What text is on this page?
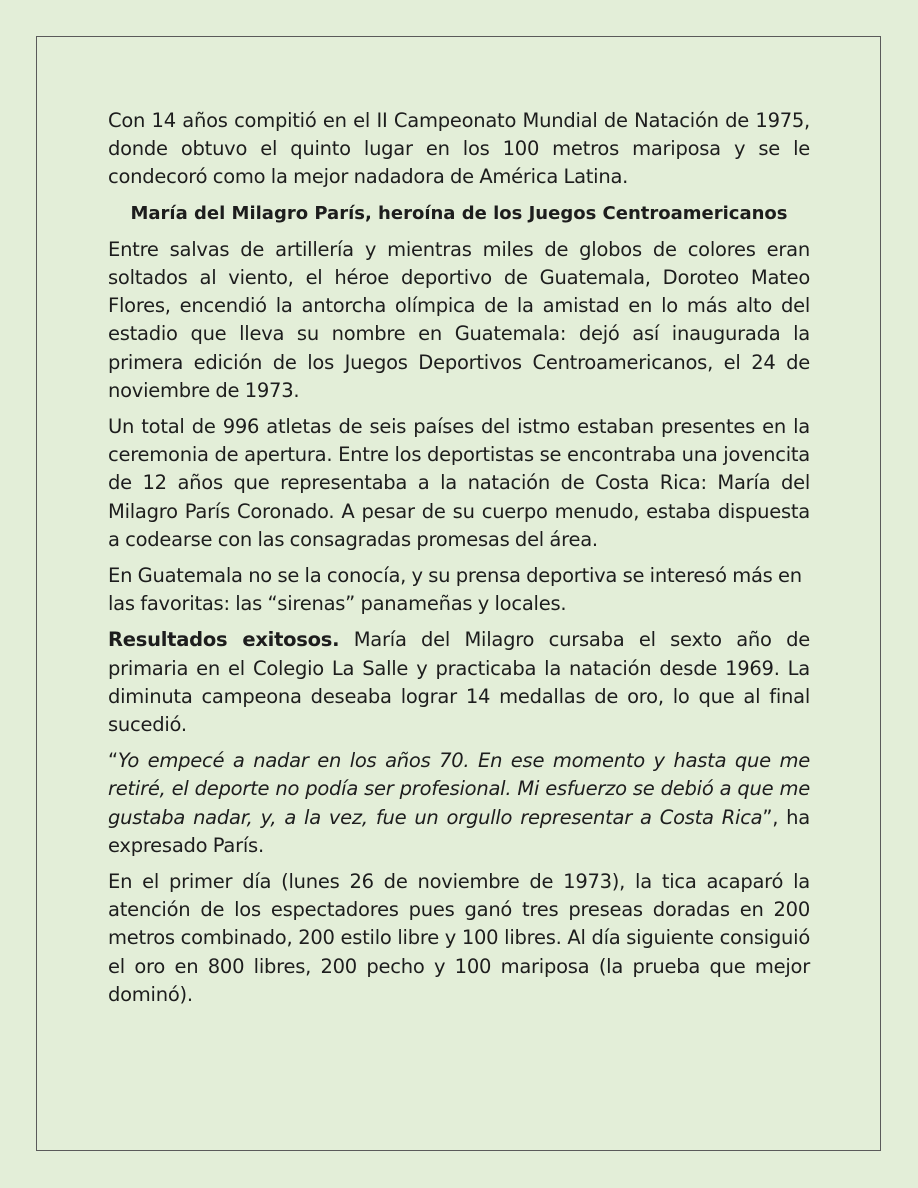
Con 14 años compitió en el II Campeonato Mundial de Natación de 1975, donde obtuvo el quinto lugar en los 100 metros mariposa y se le condecoró como la mejor nadadora de América Latina.

María del Milagro París, heroína de los Juegos Centroamericanos

Entre salvas de artillería y mientras miles de globos de colores eran soltados al viento, el héroe deportivo de Guatemala, Doroteo Mateo Flores, encendió la antorcha olímpica de la amistad en lo más alto del estadio que lleva su nombre en Guatemala: dejó así inaugurada la primera edición de los Juegos Deportivos Centroamericanos, el 24 de noviembre de 1973.

Un total de 996 atletas de seis países del istmo estaban presentes en la ceremonia de apertura. Entre los deportistas se encontraba una jovencita de 12 años que representaba a la natación de Costa Rica: María del Milagro París Coronado. A pesar de su cuerpo menudo, estaba dispuesta a codearse con las consagradas promesas del área.

En Guatemala no se la conocía, y su prensa deportiva se interesó más en las favoritas: las “sirenas” panameñas y locales.

Resultados exitosos. María del Milagro cursaba el sexto año de primaria en el Colegio La Salle y practicaba la natación desde 1969. La diminuta campeona deseaba lograr 14 medallas de oro, lo que al final sucedió.

“Yo empecé a nadar en los años 70. En ese momento y hasta que me retiré, el deporte no podía ser profesional. Mi esfuerzo se debió a que me gustaba nadar, y, a la vez, fue un orgullo representar a Costa Rica”, ha expresado París.

En el primer día (lunes 26 de noviembre de 1973), la tica acaparó la atención de los espectadores pues ganó tres preseas doradas en 200 metros combinado, 200 estilo libre y 100 libres. Al día siguiente consiguió el oro en 800 libres, 200 pecho y 100 mariposa (la prueba que mejor dominó).
